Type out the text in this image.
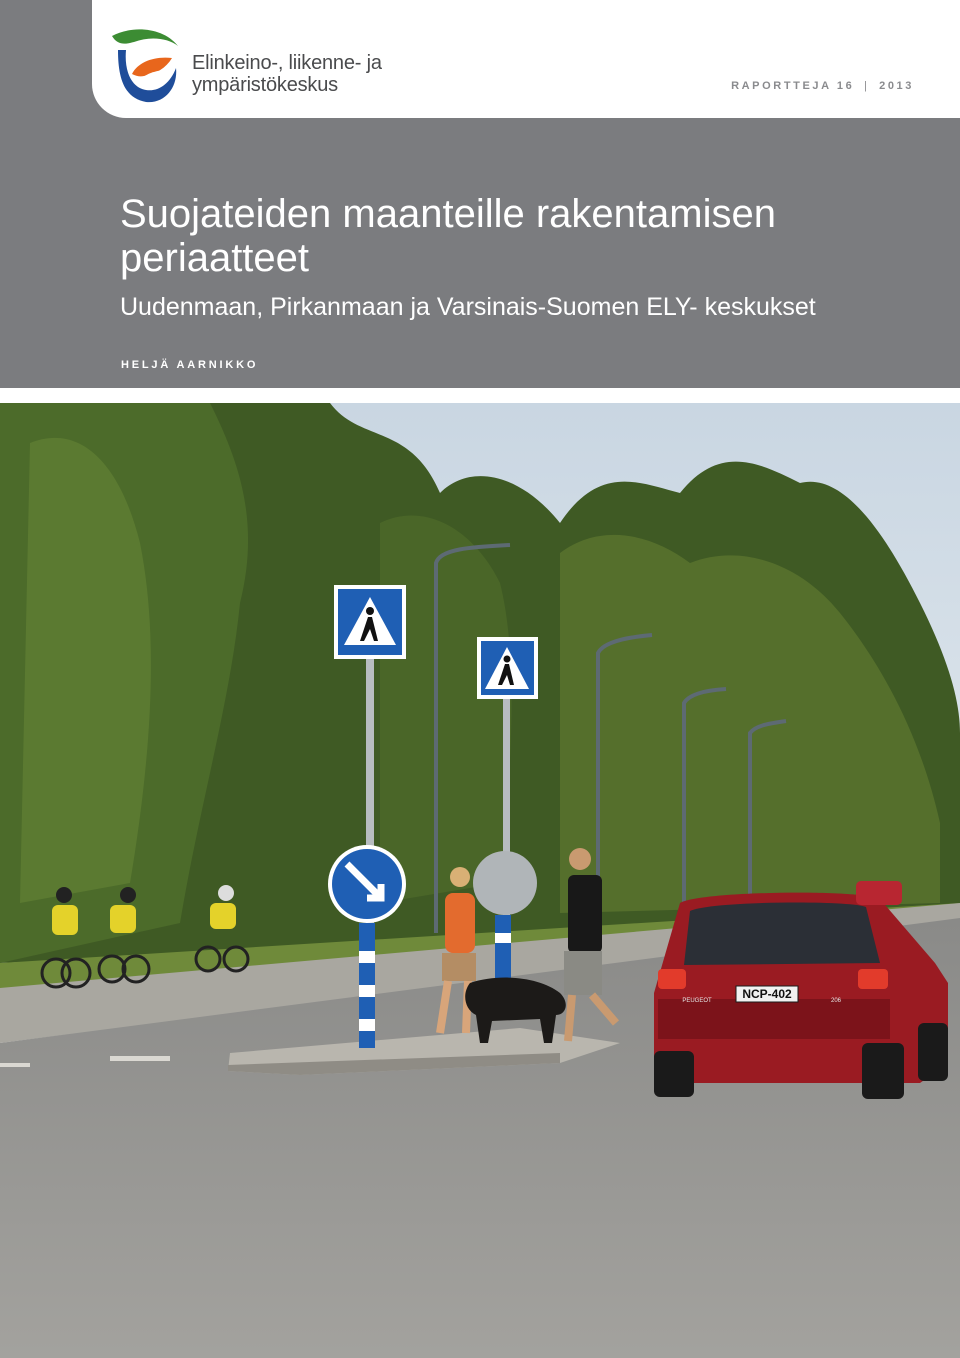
Elinkeino-, liikenne- ja
ympäristökeskus	RAPORTTEJA 16 | 2013
Suojateiden maanteille rakentamisen periaatteet
Uudenmaan, Pirkanmaan ja Varsinais-Suomen ELY- keskukset
HELJÄ AARNIKKO
NCP-402
PEUGEOT	206
